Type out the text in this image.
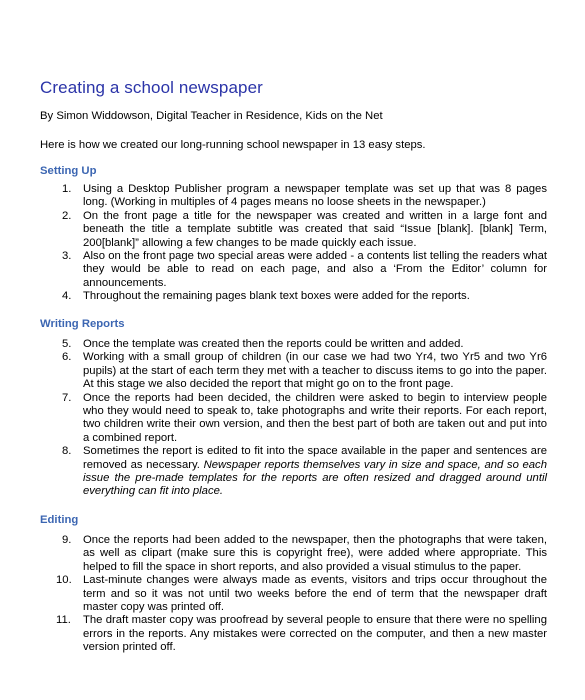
Creating a school newspaper

By Simon Widdowson, Digital Teacher in Residence, Kids on the Net

Here is how we created our long-running school newspaper in 13 easy steps.

Setting Up
1.	Using a Desktop Publisher program a newspaper template was set up that was 8 pages long. (Working in multiples of 4 pages means no loose sheets in the newspaper.)
2.	On the front page a title for the newspaper was created and written in a large font and beneath the title a template subtitle was created that said “Issue [blank]. [blank] Term, 200[blank]” allowing a few changes to be made quickly each issue.
3.	Also on the front page two special areas were added - a contents list telling the readers what they would be able to read on each page, and also a ‘From the Editor’ column for announcements.
4.	Throughout the remaining pages blank text boxes were added for the reports.
Writing Reports
5.	Once the template was created then the reports could be written and added.
6.	Working with a small group of children (in our case we had two Yr4, two Yr5 and two Yr6 pupils) at the start of each term they met with a teacher to discuss items to go into the paper. At this stage we also decided the report that might go on to the front page.
7.	Once the reports had been decided, the children were asked to begin to interview people who they would need to speak to, take photographs and write their reports. For each report, two children write their own version, and then the best part of both are taken out and put into a combined report.
8.	Sometimes the report is edited to fit into the space available in the paper and sentences are removed as necessary. Newspaper reports themselves vary in size and space, and so each issue the pre-made templates for the reports are often resized and dragged around until everything can fit into place.
Editing
9.	Once the reports had been added to the newspaper, then the photographs that were taken, as well as clipart (make sure this is copyright free), were added where appropriate. This helped to fill the space in short reports, and also provided a visual stimulus to the paper.
10. Last-minute changes were always made as events, visitors and trips occur throughout the term and so it was not until two weeks before the end of term that the newspaper draft master copy was printed off.
11. The draft master copy was proofread by several people to ensure that there were no spelling errors in the reports. Any mistakes were corrected on the computer, and then a new master version printed off.
